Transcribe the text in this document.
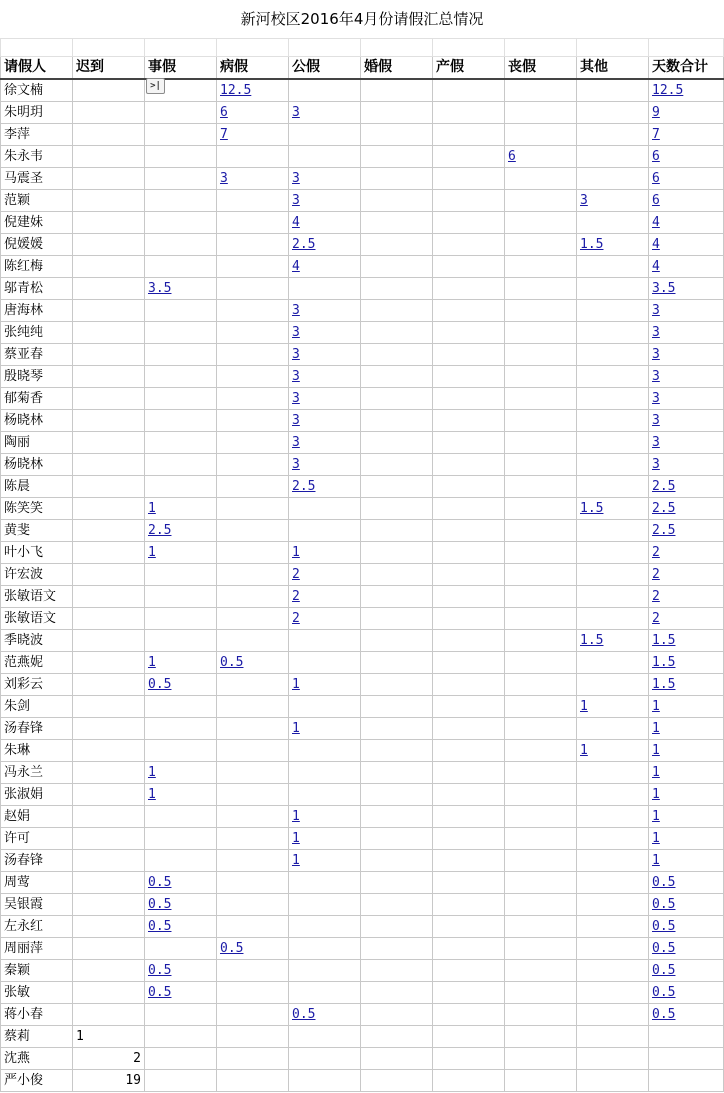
新河校区2016年4月份请假汇总情况

请假人	迟到	事假	病假	公假	婚假	产假	丧假	其他	天数合计
徐文楠			12.5						12.5
朱明玥			6	3					9
李萍			7						7
朱永韦							6		6
马震圣			3	3					6
范颖				3				3	6
倪建妹				4					4
倪媛媛				2.5				1.5	4
陈红梅				4					4
邬青松		3.5							3.5
唐海林				3					3
张纯纯				3					3
蔡亚春				3					3
殷晓琴				3					3
郁菊香				3					3
杨晓林				3					3
陶丽				3					3
杨晓林				3					3
陈晨				2.5					2.5
陈笑笑		1						1.5	2.5
黄斐		2.5							2.5
叶小飞		1		1					2
许宏波				2					2
张敏语文				2					2
张敏语文				2					2
季晓波								1.5	1.5
范燕妮		1	0.5						1.5
刘彩云		0.5		1					1.5
朱剑								1	1
汤春锋				1					1
朱琳								1	1
冯永兰		1							1
张淑娟		1							1
赵娟				1					1
许可				1					1
汤春锋				1					1
周莺		0.5							0.5
吴银霞		0.5							0.5
左永红		0.5							0.5
周丽萍			0.5						0.5
秦颖		0.5							0.5
张敏		0.5							0.5
蒋小春				0.5					0.5
蔡莉	1								
沈燕	2								
严小俊	19								
>|
